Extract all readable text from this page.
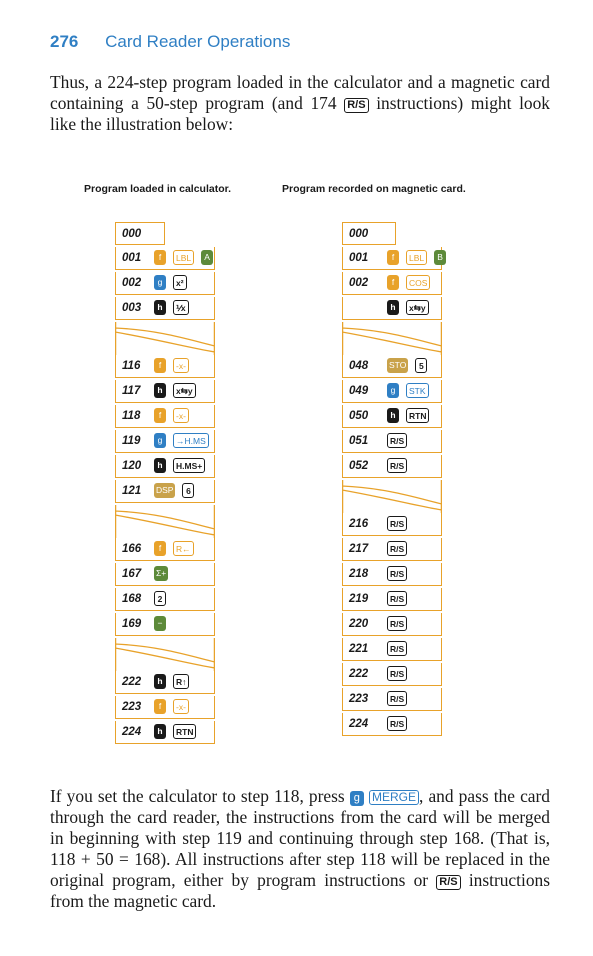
276 Card Reader Operations
Thus, a 224-step program loaded in the calculator and a magnetic card containing a 50-step program (and 174 R/S instructions) might look like the illustration below:
Program loaded in calculator.	Program recorded on magnetic card.
000
001	f	LBL	A
002	g	x²
003	h	⅟x
116	f	-x-
117	h	x⇆y
118	f	-x-
119	g	→H.MS
120	h	H.MS+
121 DSP	6
166	f	R←
167 Σ+
168	2
169	−
222	h	R↑
223	f	-x-
224	h	RTN
000
001	f	LBL	B
002	f	COS
h	x⇆y
048 STO	5
049	g	STK
050	h	RTN
051	R/S
052	R/S
216	R/S
217	R/S
218	R/S
219	R/S
220	R/S
221	R/S
222	R/S
223	R/S
224	R/S
If you set the calculator to step 118, press g MERGE , and pass the card through the card reader, the instructions from the card will be merged in beginning with step 119 and continuing through step 168. (That is, 118 + 50 = 168). All instructions after step 118 will be replaced in the original program, either by program instructions or R/S instructions from the magnetic card.
